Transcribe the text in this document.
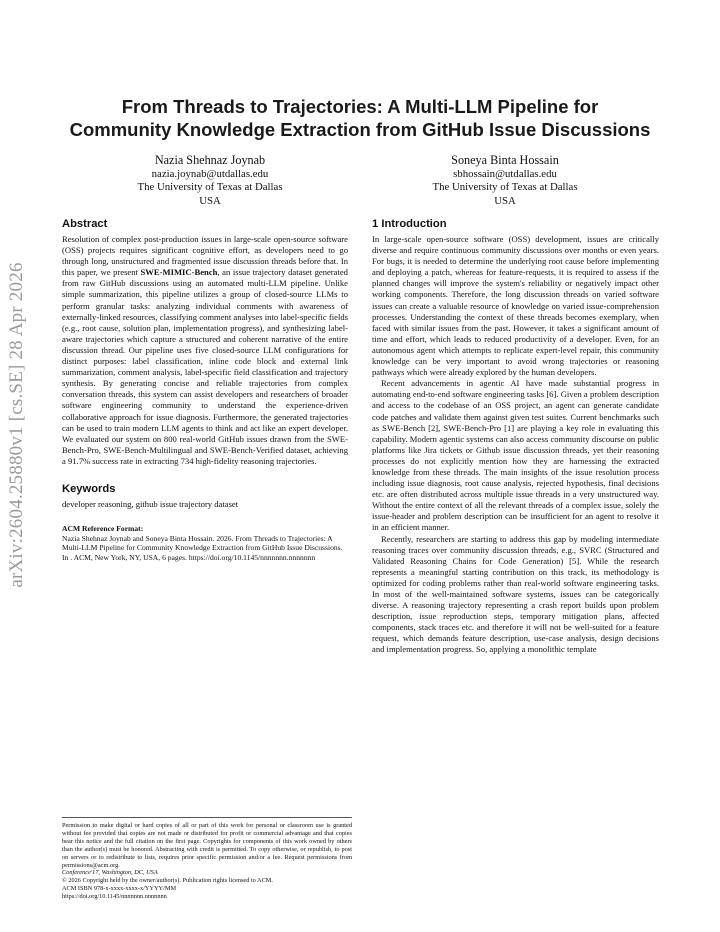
arXiv:2604.25880v1 [cs.SE] 28 Apr 2026
From Threads to Trajectories: A Multi-LLM Pipeline for
Community Knowledge Extraction from GitHub Issue Discussions
Nazia Shehnaz Joynab
nazia.joynab@utdallas.edu
The University of Texas at Dallas
USA
Soneya Binta Hossain
sbhossain@utdallas.edu
The University of Texas at Dallas
USA
Abstract

Resolution of complex post-production issues in large-scale open-source software (OSS) projects requires significant cognitive effort, as developers need to go through long, unstructured and fragmented issue discussion threads before that. In this paper, we present SWE-MIMIC-Bench, an issue trajectory dataset generated from raw GitHub discussions using an automated multi-LLM pipeline. Unlike simple summarization, this pipeline utilizes a group of closed-source LLMs to perform granular tasks: analyzing individual comments with awareness of externally-linked resources, classifying comment analyses into label-specific fields (e.g., root cause, solution plan, implementation progress), and synthesizing label-aware trajectories which capture a structured and coherent narrative of the entire discussion thread. Our pipeline uses five closed-source LLM configurations for distinct purposes: label classification, inline code block and external link summarization, comment analysis, label-specific field classification and trajectory synthesis. By generating concise and reliable trajectories from complex conversation threads, this system can assist developers and researchers of broader software engineering community to understand the experience-driven collaborative approach for issue diagnosis. Furthermore, the generated trajectories can be used to train modern LLM agents to think and act like an expert developer. We evaluated our system on 800 real-world GitHub issues drawn from the SWE-Bench-Pro, SWE-Bench-Multilingual and SWE-Bench-Verified dataset, achieving a 91.7% success rate in extracting 734 high-fidelity reasoning trajectories.

Keywords

developer reasoning, github issue trajectory dataset

ACM Reference Format:
Nazia Shehnaz Joynab and Soneya Binta Hossain. 2026. From Threads to Trajectories: A Multi-LLM Pipeline for Community Knowledge Extraction from GitHub Issue Discussions. In . ACM, New York, NY, USA, 6 pages. https://doi.org/10.1145/nnnnnnn.nnnnnnn
Permission to make digital or hard copies of all or part of this work for personal or classroom use is granted without fee provided that copies are not made or distributed for profit or commercial advantage and that copies bear this notice and the full citation on the first page. Copyrights for components of this work owned by others than the author(s) must be honored. Abstracting with credit is permitted. To copy otherwise, or republish, to post on servers or to redistribute to lists, requires prior specific permission and/or a fee. Request permissions from permissions@acm.org.
Conference'17, Washington, DC, USA
© 2026 Copyright held by the owner/author(s). Publication rights licensed to ACM.
ACM ISBN 978-x-xxxx-xxxx-x/YYYY/MM
https://doi.org/10.1145/nnnnnnn.nnnnnnn
1 Introduction

In large-scale open-source software (OSS) development, issues are critically diverse and require continuous community discussions over months or even years. For bugs, it is needed to determine the underlying root cause before implementing and deploying a patch, whereas for feature-requests, it is required to assess if the planned changes will improve the system's reliability or negatively impact other working components. Therefore, the long discussion threads on varied software issues can create a valuable resource of knowledge on varied issue-comprehension processes. Understanding the context of these threads becomes exemplary, when faced with similar issues from the past. However, it takes a significant amount of time and effort, which leads to reduced productivity of a developer. Even, for an autonomous agent which attempts to replicate expert-level repair, this community knowledge can be very important to avoid wrong trajectories or reasoning pathways which were already explored by the human developers.

Recent advancements in agentic AI have made substantial progress in automating end-to-end software engineering tasks [6]. Given a problem description and access to the codebase of an OSS project, an agent can generate candidate code patches and validate them against given test suites. Current benchmarks such as SWE-Bench [2], SWE-Bench-Pro [1] are playing a key role in evaluating this capability. Modern agentic systems can also access community discourse on public platforms like Jira tickets or Github issue discussion threads, yet their reasoning processes do not explicitly mention how they are harnessing the extracted knowledge from these threads. The main insights of the issue resolution process including issue diagnosis, root cause analysis, rejected hypothesis, final decisions etc. are often distributed across multiple issue threads in a very unstructured way. Without the entire context of all the relevant threads of a complex issue, solely the issue-header and problem description can be insufficient for an agent to resolve it in an efficient manner.

Recently, researchers are starting to address this gap by modeling intermediate reasoning traces over community discussion threads, e.g., SVRC (Structured and Validated Reasoning Chains for Code Generation) [5]. While the research represents a meaningful starting contribution on this track, its methodology is optimized for coding problems rather than real-world software engineering tasks. In most of the well-maintained software systems, issues can be categorically diverse. A reasoning trajectory representing a crash report builds upon problem description, issue reproduction steps, temporary mitigation plans, affected components, stack traces etc. and therefore it will not be well-suited for a feature request, which demands feature description, use-case analysis, design decisions and implementation progress. So, applying a monolithic template
